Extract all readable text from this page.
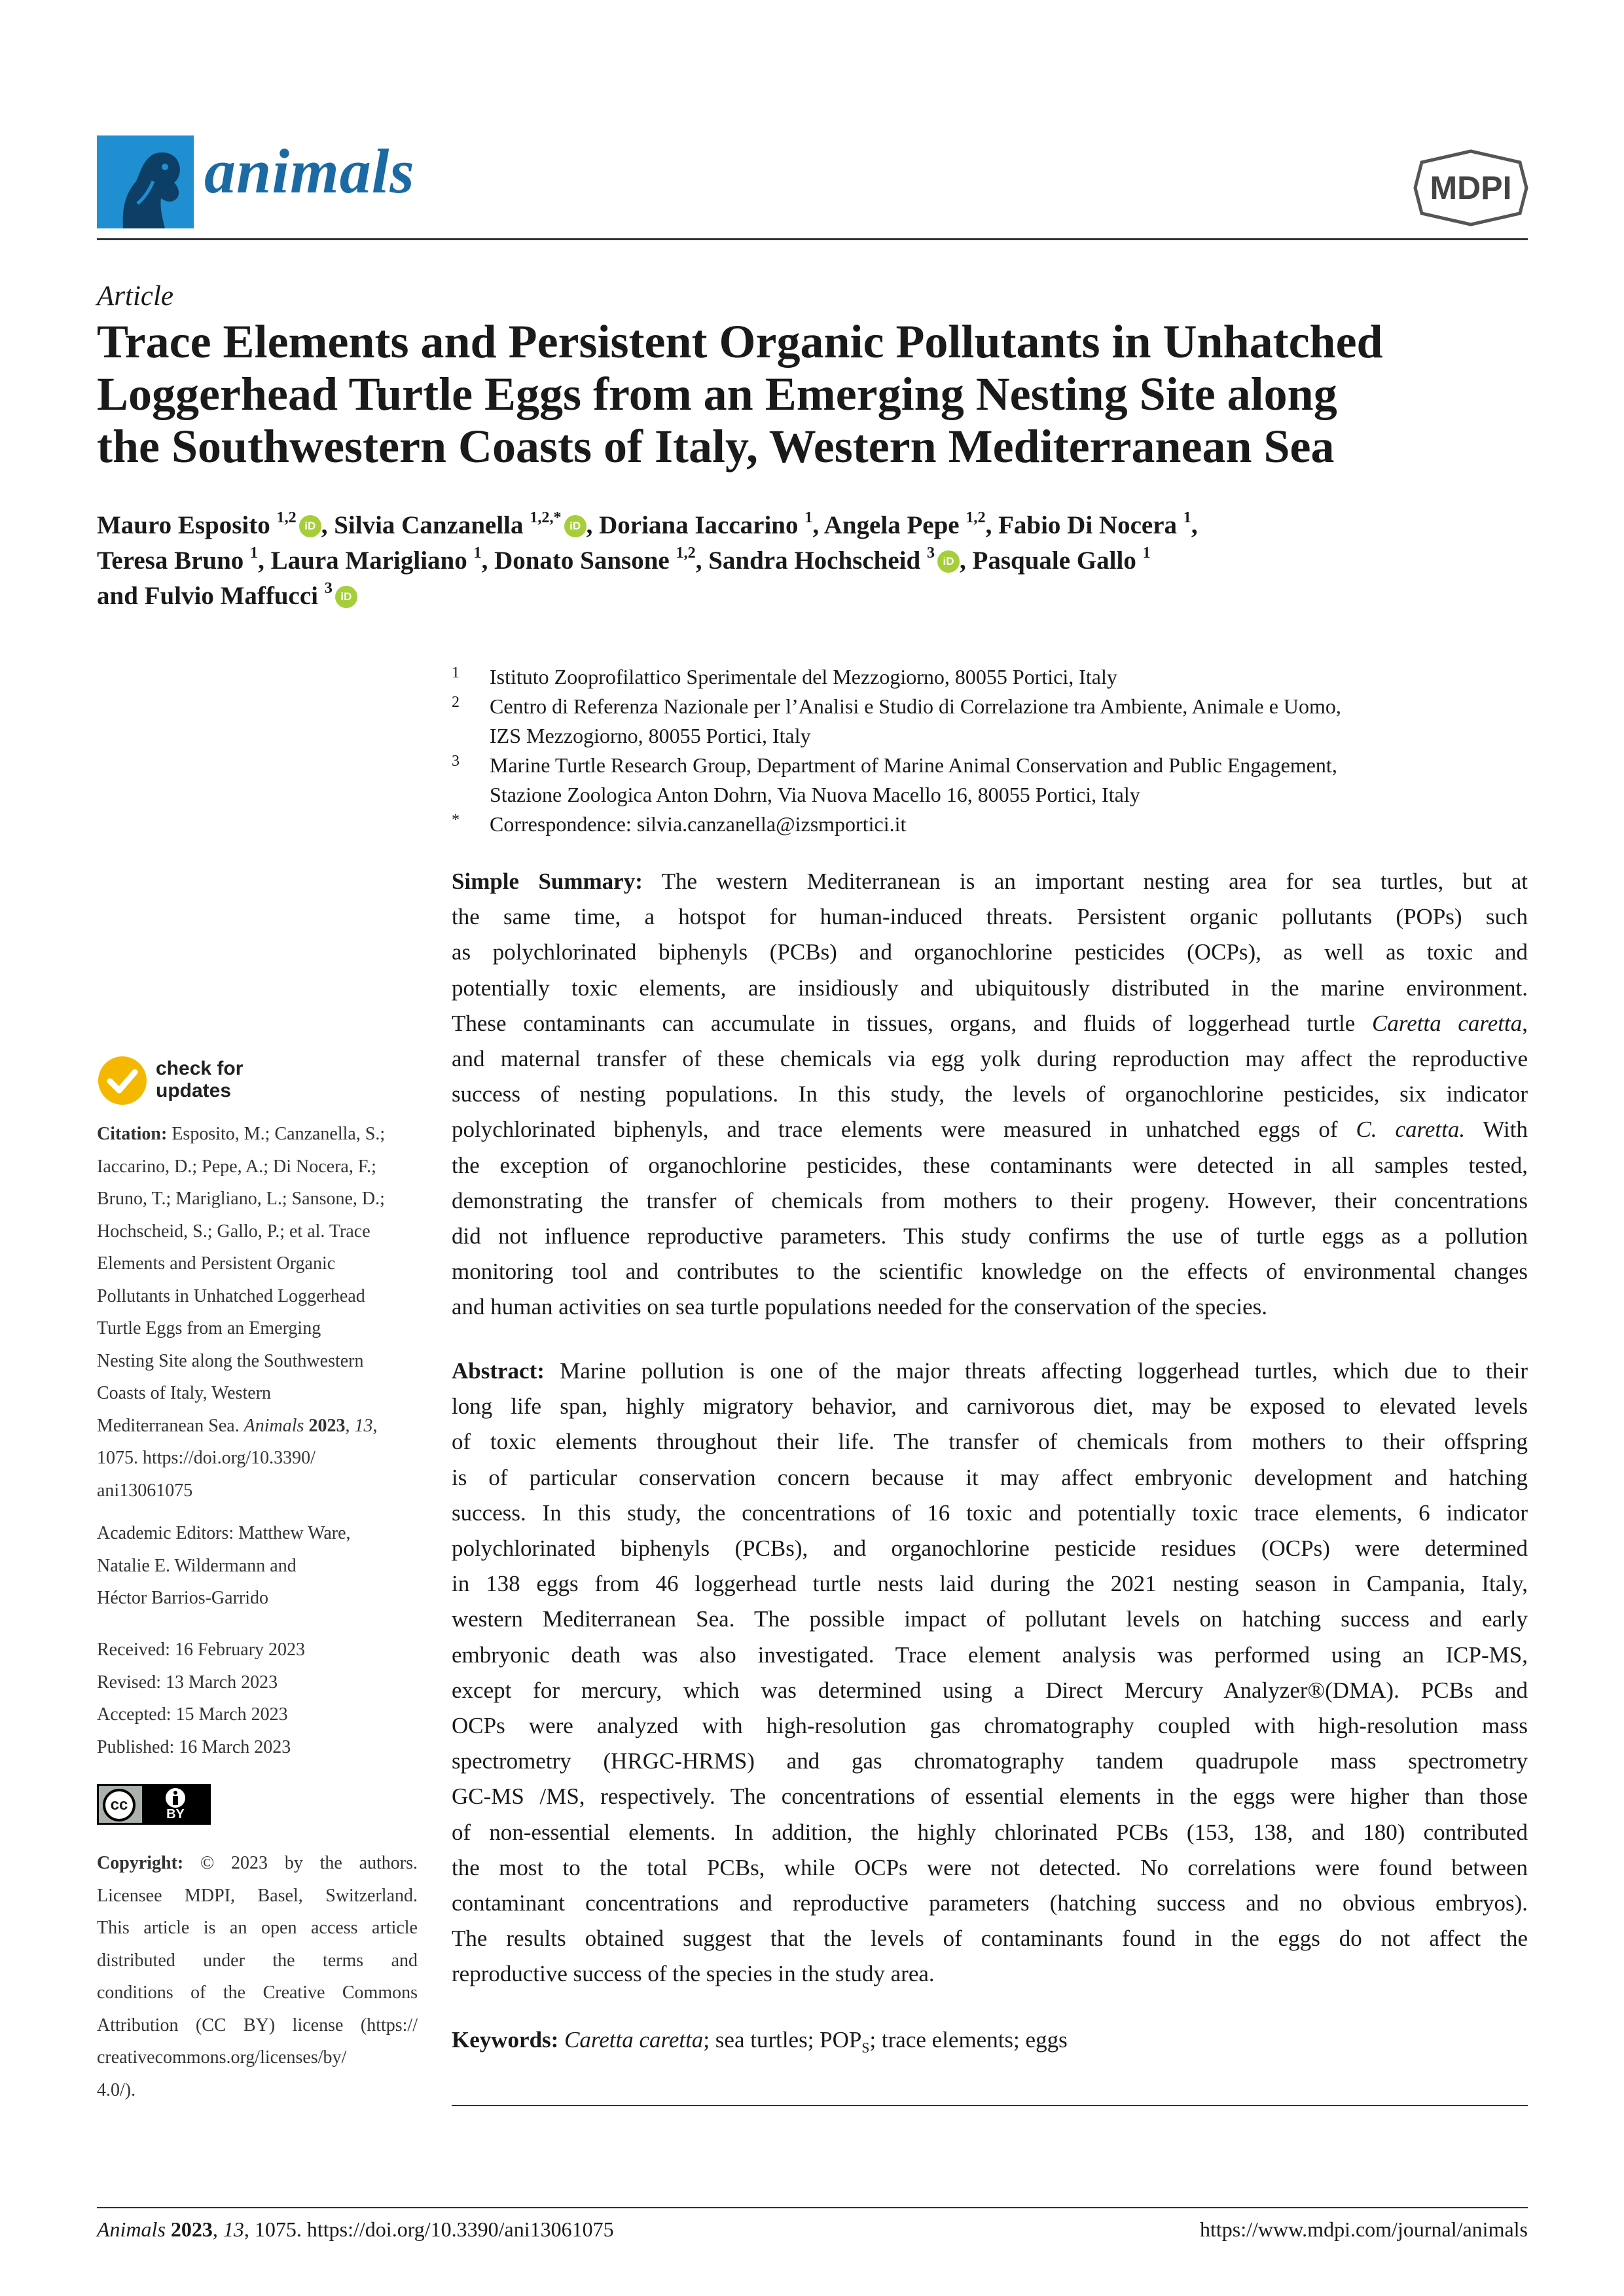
animals	MDPI
Article
Trace Elements and Persistent Organic Pollutants in Unhatched
Loggerhead Turtle Eggs from an Emerging Nesting Site along
the Southwestern Coasts of Italy, Western Mediterranean Sea
Mauro Esposito $^{1,2}$ iD , Silvia Canzanella $^{1,2,*}$ iD , Doriana Iaccarino $^1$, Angela Pepe $^{1,2}$, Fabio Di Nocera $^1$,
Teresa Bruno $^1$, Laura Marigliano $^1$, Donato Sansone $^{1,2}$, Sandra Hochscheid $^3$ iD , Pasquale Gallo $^1$
and Fulvio Maffucci $^3$ iD
1 Istituto Zooprofilattico Sperimentale del Mezzogiorno, 80055 Portici, Italy
2 Centro di Referenza Nazionale per l’Analisi e Studio di Correlazione tra Ambiente, Animale e Uomo,
IZS Mezzogiorno, 80055 Portici, Italy
3 Marine Turtle Research Group, Department of Marine Animal Conservation and Public Engagement,
Stazione Zoologica Anton Dohrn, Via Nuova Macello 16, 80055 Portici, Italy
* Correspondence: silvia.canzanella@izsmportici.it
check for
updates
Citation: Esposito, M.; Canzanella, S.;
Iaccarino, D.; Pepe, A.; Di Nocera, F.;
Bruno, T.; Marigliano, L.; Sansone, D.;
Hochscheid, S.; Gallo, P.; et al. Trace
Elements and Persistent Organic
Pollutants in Unhatched Loggerhead
Turtle Eggs from an Emerging
Nesting Site along the Southwestern
Coasts of Italy, Western
Mediterranean Sea. Animals 2023, 13,
1075. https://doi.org/10.3390/
ani13061075
Academic Editors: Matthew Ware,
Natalie E. Wildermann and
Héctor Barrios-Garrido
Received: 16 February 2023
Revised: 13 March 2023
Accepted: 15 March 2023
Published: 16 March 2023
cc
BY
Copyright: © 2023 by the authors.
Licensee MDPI, Basel, Switzerland.
This article is an open access article
distributed under the terms and
conditions of the Creative Commons
Attribution (CC BY) license (https://
creativecommons.org/licenses/by/
4.0/).
Simple Summary: The western Mediterranean is an important nesting area for sea turtles, but at
the same time, a hotspot for human-induced threats. Persistent organic pollutants (POPs) such
as polychlorinated biphenyls (PCBs) and organochlorine pesticides (OCPs), as well as toxic and
potentially toxic elements, are insidiously and ubiquitously distributed in the marine environment.
These contaminants can accumulate in tissues, organs, and fluids of loggerhead turtle Caretta caretta,
and maternal transfer of these chemicals via egg yolk during reproduction may affect the reproductive
success of nesting populations. In this study, the levels of organochlorine pesticides, six indicator
polychlorinated biphenyls, and trace elements were measured in unhatched eggs of C. caretta. With
the exception of organochlorine pesticides, these contaminants were detected in all samples tested,
demonstrating the transfer of chemicals from mothers to their progeny. However, their concentrations
did not influence reproductive parameters. This study confirms the use of turtle eggs as a pollution
monitoring tool and contributes to the scientific knowledge on the effects of environmental changes
and human activities on sea turtle populations needed for the conservation of the species.
Abstract: Marine pollution is one of the major threats affecting loggerhead turtles, which due to their
long life span, highly migratory behavior, and carnivorous diet, may be exposed to elevated levels
of toxic elements throughout their life. The transfer of chemicals from mothers to their offspring
is of particular conservation concern because it may affect embryonic development and hatching
success. In this study, the concentrations of 16 toxic and potentially toxic trace elements, 6 indicator
polychlorinated biphenyls (PCBs), and organochlorine pesticide residues (OCPs) were determined
in 138 eggs from 46 loggerhead turtle nests laid during the 2021 nesting season in Campania, Italy,
western Mediterranean Sea. The possible impact of pollutant levels on hatching success and early
embryonic death was also investigated. Trace element analysis was performed using an ICP-MS,
except for mercury, which was determined using a Direct Mercury Analyzer®(DMA). PCBs and
OCPs were analyzed with high-resolution gas chromatography coupled with high-resolution mass
spectrometry (HRGC-HRMS) and gas chromatography tandem quadrupole mass spectrometry
GC-MS /MS, respectively. The concentrations of essential elements in the eggs were higher than those
of non-essential elements. In addition, the highly chlorinated PCBs (153, 138, and 180) contributed
the most to the total PCBs, while OCPs were not detected. No correlations were found between
contaminant concentrations and reproductive parameters (hatching success and no obvious embryos).
The results obtained suggest that the levels of contaminants found in the eggs do not affect the
reproductive success of the species in the study area.
Keywords: Caretta caretta; sea turtles; $POP_S$; trace elements; eggs
Animals 2023, 13, 1075. https://doi.org/10.3390/ani13061075	https://www.mdpi.com/journal/animals
